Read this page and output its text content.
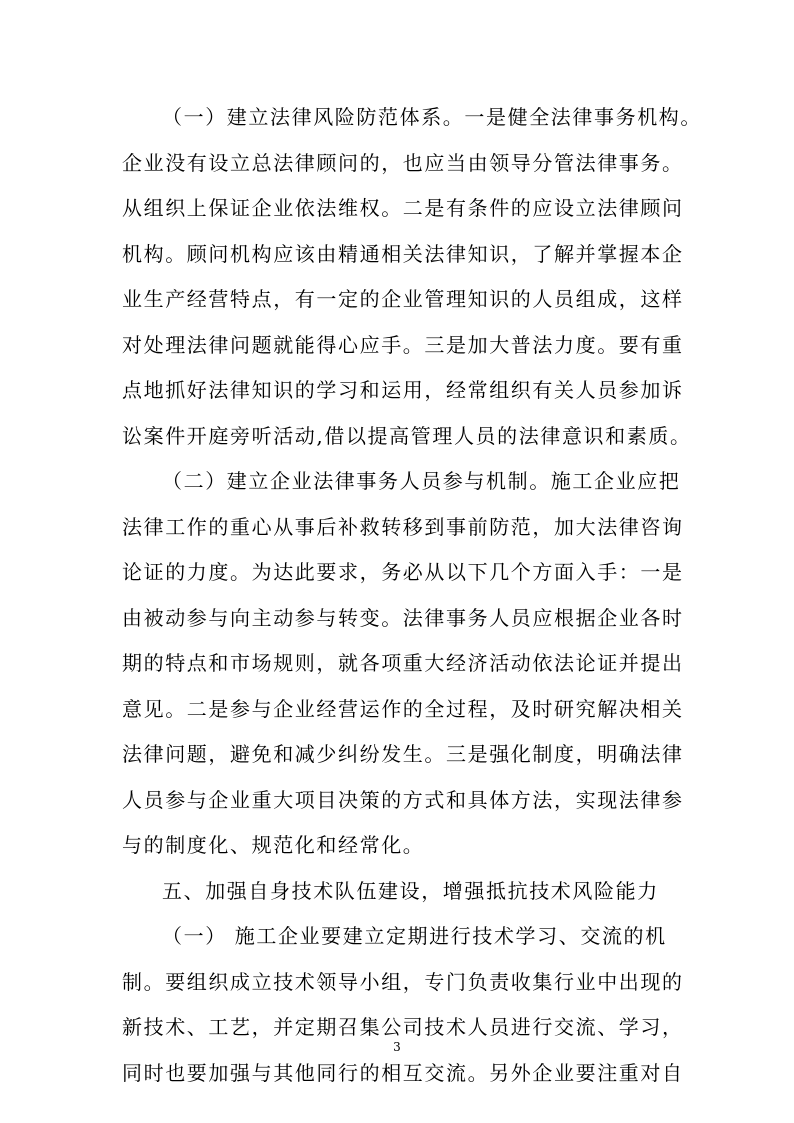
（一）建立法律风险防范体系。一是健全法律事务机构。
企业没有设立总法律顾问的，也应当由领导分管法律事务。
从组织上保证企业依法维权。二是有条件的应设立法律顾问
机构。顾问机构应该由精通相关法律知识，了解并掌握本企
业生产经营特点，有一定的企业管理知识的人员组成，这样
对处理法律问题就能得心应手。三是加大普法力度。要有重
点地抓好法律知识的学习和运用，经常组织有关人员参加诉
讼案件开庭旁听活动,借以提高管理人员的法律意识和素质。

（二）建立企业法律事务人员参与机制。施工企业应把
法律工作的重心从事后补救转移到事前防范，加大法律咨询
论证的力度。为达此要求，务必从以下几个方面入手：一是
由被动参与向主动参与转变。法律事务人员应根据企业各时
期的特点和市场规则，就各项重大经济活动依法论证并提出
意见。二是参与企业经营运作的全过程，及时研究解决相关
法律问题，避免和减少纠纷发生。三是强化制度，明确法律
人员参与企业重大项目决策的方式和具体方法，实现法律参
与的制度化、规范化和经常化。

五、加强自身技术队伍建设，增强抵抗技术风险能力

（一） 施工企业要建立定期进行技术学习、交流的机
制。要组织成立技术领导小组，专门负责收集行业中出现的
新技术、工艺，并定期召集公司技术人员进行交流、学习，
同时也要加强与其他同行的相互交流。另外企业要注重对自

3
